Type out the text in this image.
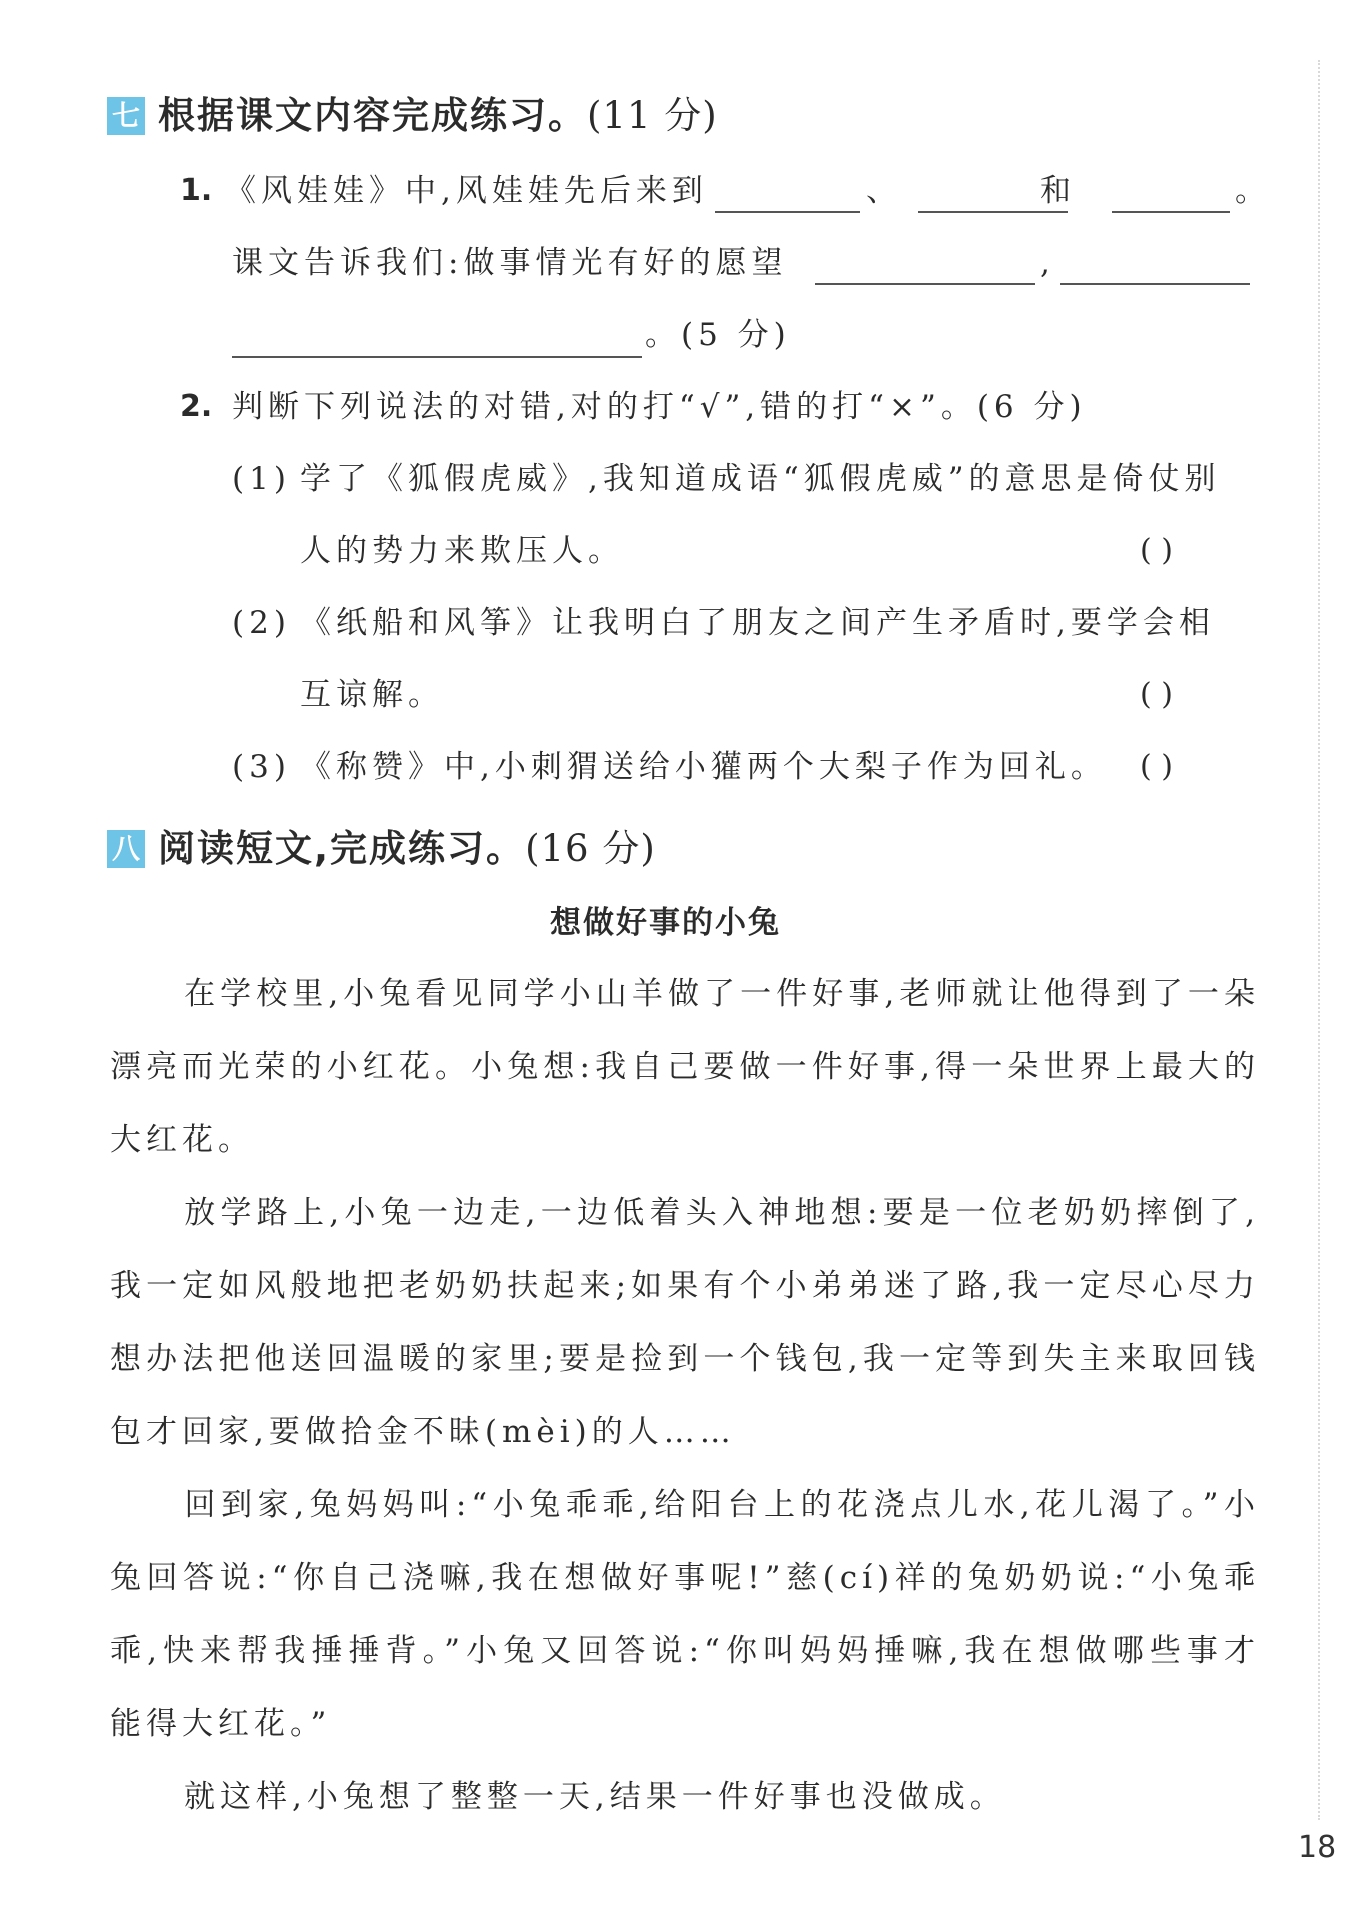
七 根据课文内容完成练习。(11 分)
1. 《风娃娃》中,风娃娃先后来到	、	和	。
课文告诉我们:做事情光有好的愿望	,
。(5 分)
2. 判断下列说法的对错,对的打“√”,错的打“×”。(6 分)
(1) 学了《狐假虎威》,我知道成语“狐假虎威”的意思是倚仗别
人的势力来欺压人。	( )
(2) 《纸船和风筝》让我明白了朋友之间产生矛盾时,要学会相
互谅解。	( )
(3) 《称赞》中,小刺猬送给小獾两个大梨子作为回礼。 ( )
八 阅读短文,完成练习。(16 分)
想做好事的小兔
在学校里,小兔看见同学小山羊做了一件好事,老师就让他得到了一朵漂亮而光荣的小红花。小兔想:我自己要做一件好事,得一朵世界上最大的大红花。
放学路上,小兔一边走,一边低着头入神地想:要是一位老奶奶摔倒了,我一定如风般地把老奶奶扶起来;如果有个小弟弟迷了路,我一定尽心尽力想办法把他送回温暖的家里;要是捡到一个钱包,我一定等到失主来取回钱包才回家,要做拾金不昧(mèi)的人……
回到家,兔妈妈叫:“小兔乖乖,给阳台上的花浇点儿水,花儿渴了。”小兔回答说:“你自己浇嘛,我在想做好事呢!”慈(cí)祥的兔奶奶说:“小兔乖乖,快来帮我捶捶背。”小兔又回答说:“你叫妈妈捶嘛,我在想做哪些事才能得大红花。”
就这样,小兔想了整整一天,结果一件好事也没做成。
18
